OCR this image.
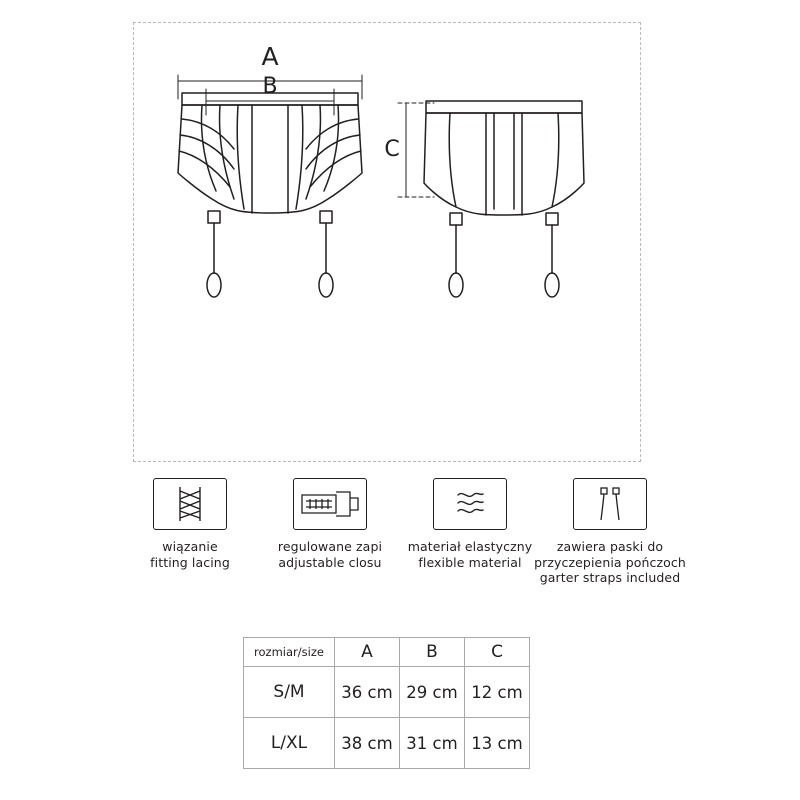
A
B
C
wiązanie
fitting lacing
regulowane zapi
adjustable closu
materiał elastyczny
flexible material
zawiera paski do
przyczepienia pończoch
garter straps included
rozmiar/size	A	B	C
S/M	36 cm	29 cm	12 cm
L/XL	38 cm	31 cm	13 cm
